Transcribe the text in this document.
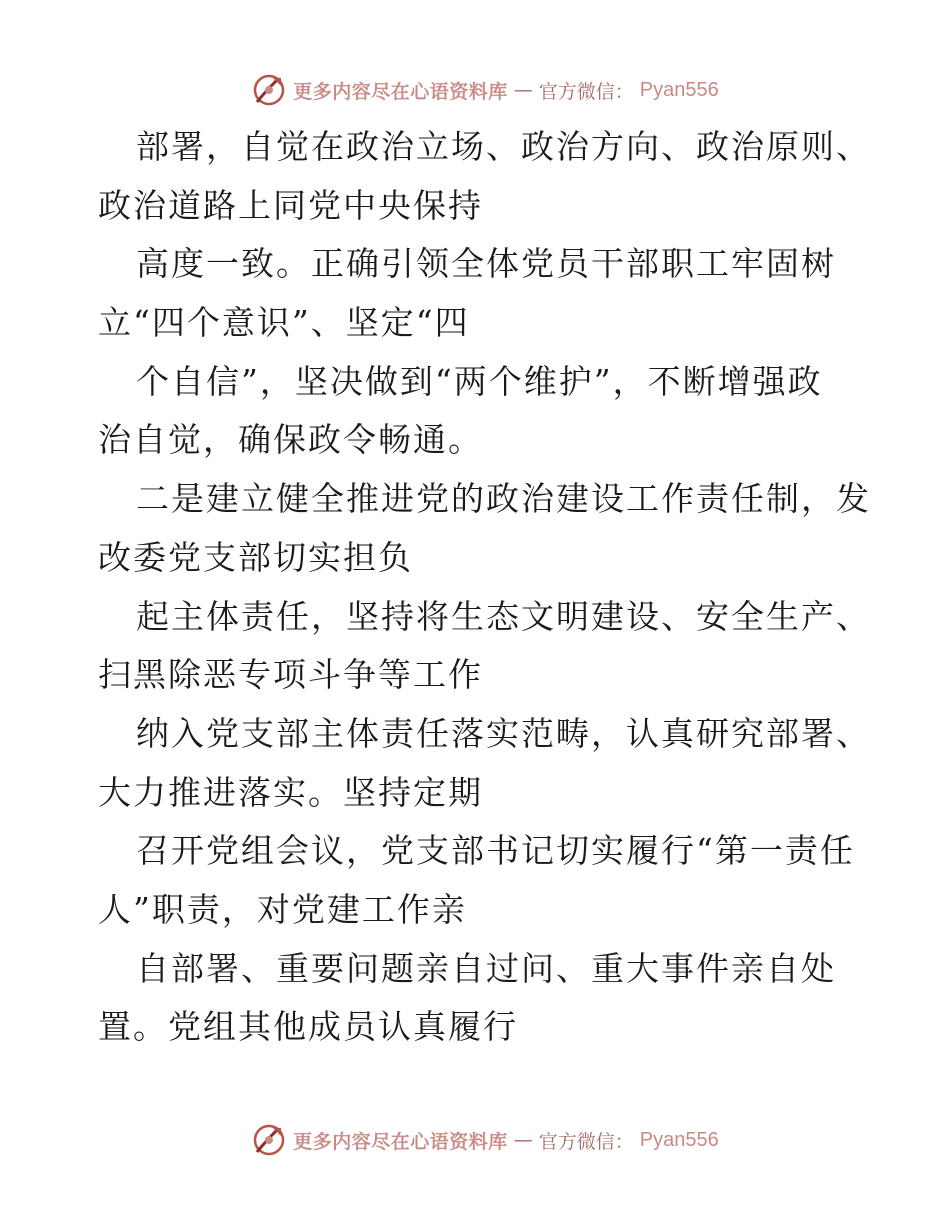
更多内容尽在心语资料库 — 官方微信： Pyan556
部署，自觉在政治立场、政治方向、政治原则、
政治道路上同党中央保持
高度一致。正确引领全体党员干部职工牢固树
立“四个意识”、坚定“四
个自信”，坚决做到“两个维护”，不断增强政
治自觉，确保政令畅通。
二是建立健全推进党的政治建设工作责任制，发
改委党支部切实担负
起主体责任，坚持将生态文明建设、安全生产、
扫黑除恶专项斗争等工作
纳入党支部主体责任落实范畴，认真研究部署、
大力推进落实。坚持定期
召开党组会议，党支部书记切实履行“第一责任
人”职责，对党建工作亲
自部署、重要问题亲自过问、重大事件亲自处
置。党组其他成员认真履行
更多内容尽在心语资料库 — 官方微信： Pyan556
